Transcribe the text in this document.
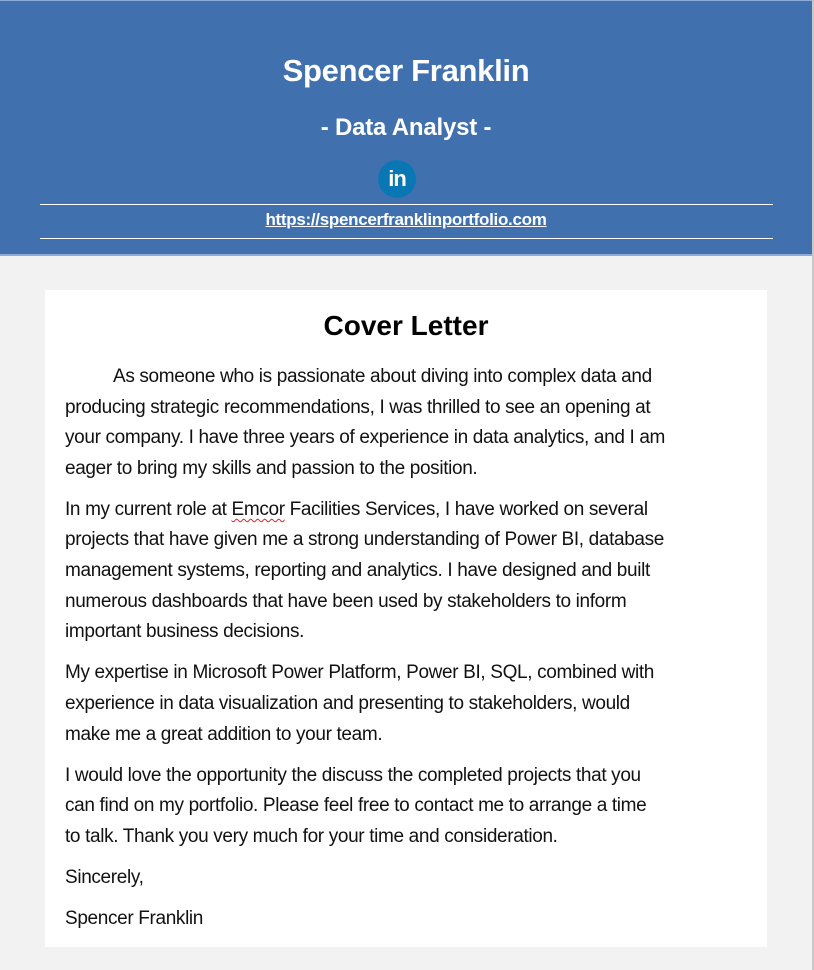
Spencer Franklin
- Data Analyst -
in
https://spencerfranklinportfolio.com
Cover Letter

As someone who is passionate about diving into complex data and
producing strategic recommendations, I was thrilled to see an opening at
your company. I have three years of experience in data analytics, and I am
eager to bring my skills and passion to the position.

In my current role at Emcor Facilities Services, I have worked on several
projects that have given me a strong understanding of Power BI, database
management systems, reporting and analytics. I have designed and built
numerous dashboards that have been used by stakeholders to inform
important business decisions.

My expertise in Microsoft Power Platform, Power BI, SQL, combined with
experience in data visualization and presenting to stakeholders, would
make me a great addition to your team.

I would love the opportunity the discuss the completed projects that you
can find on my portfolio. Please feel free to contact me to arrange a time
to talk. Thank you very much for your time and consideration.

Sincerely,

Spencer Franklin
